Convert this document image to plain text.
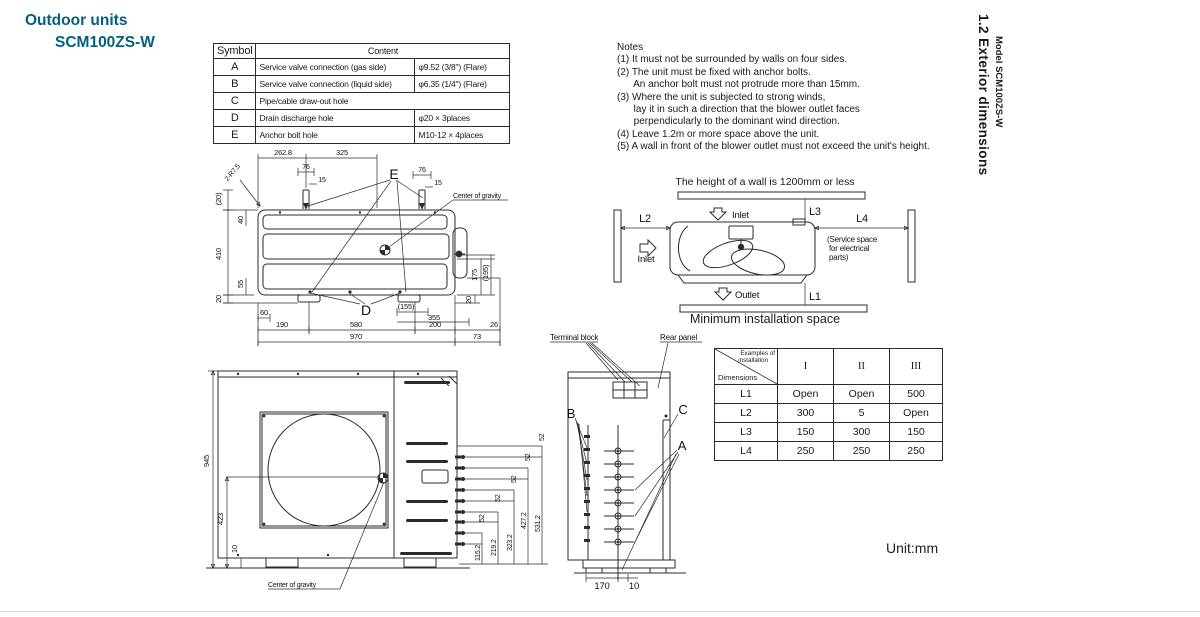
Outdoor units
SCM100ZS-W	Symbol	Content	
A	Service valve connection (gas side)	φ9.52 (3/8") (Flare)
B	Service valve connection (liquid side)	φ6.35 (1/4") (Flare)
C	Pipe/cable draw-out hole	
D	Drain discharge hole	φ20 × 3places
E	Anchor bolt hole	M10-12 × 4places
Notes
(1) It must not be surrounded by walls on four sides.
(2) The unit must be fixed with anchor bolts.
An anchor bolt must not protrude more than 15mm.
(3) Where the unit is subjected to strong winds,
lay it in such a direction that the blower outlet faces
perpendicularly to the dominant wind direction.
(4) Leave 1.2m or more space above the unit.
(5) A wall in front of the blower outlet must not exceed the unit's height.
262.8	325
76
15
76
15
2-R7.5	E
D
Center of gravity
(20)
40
410
55
20
60
190	580
(155)
355
200	26
970	73
175 (195)
20
945
423
10
Center of gravity
52
52
52
52
52
115.2 219.2 323.2
427.2 531.2
Terminal block	Rear panel
B	C
A
170 10
The height of a wall is 1200mm or less
L2
L3
L4
L1
Inlet
Inlet
Outlet
(Service space
for electrical
parts)
Minimum installation space
Examples of
installation
Dimensions	I	II	III
L1	Open	Open	500
L2	300	5	Open
L3	150	300	150
L4	250	250	250
1.2 Exterior dimensions Model SCM100ZS-W
Unit:mm
